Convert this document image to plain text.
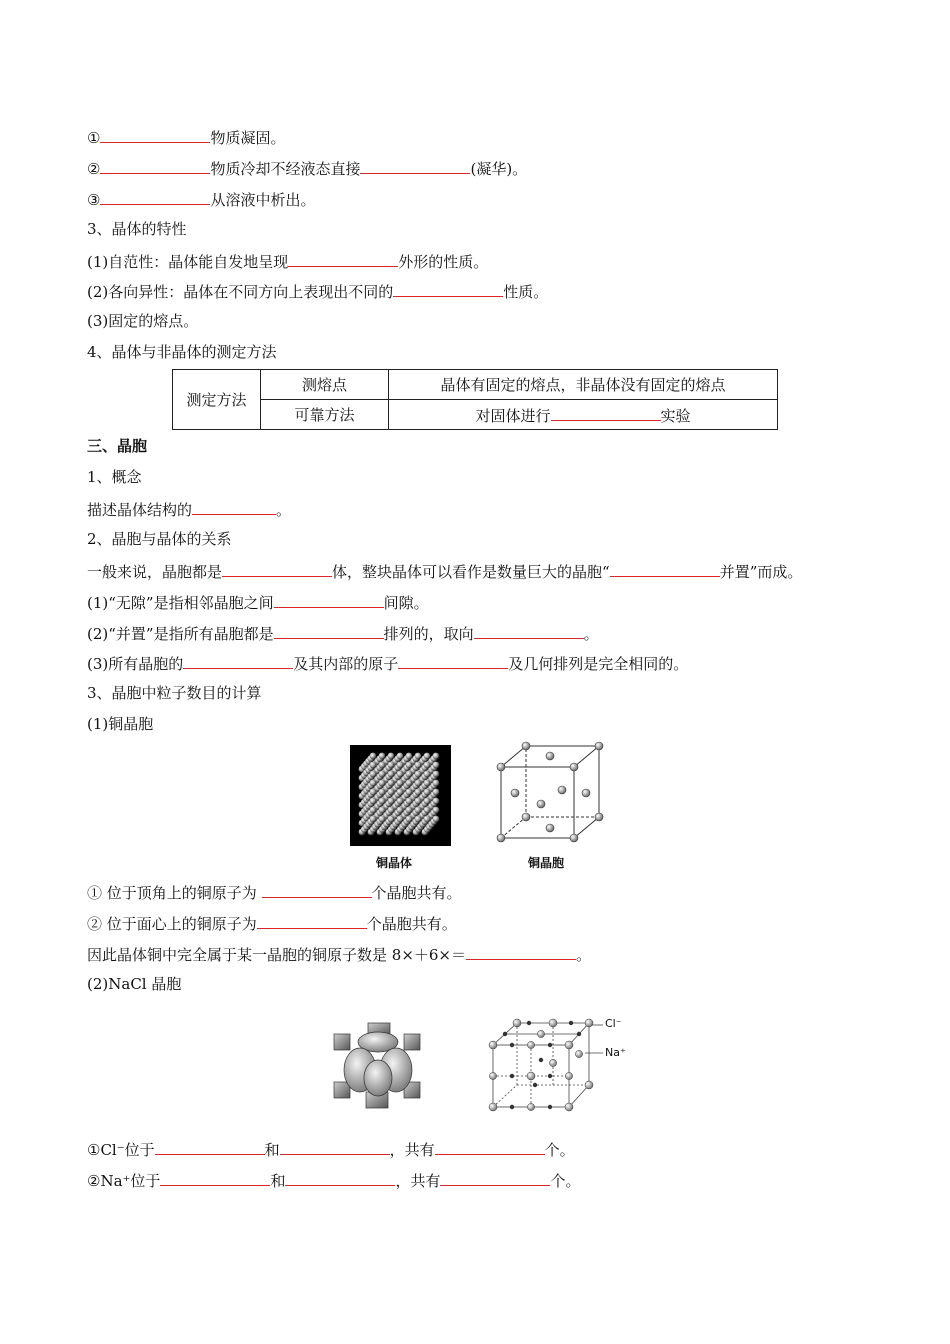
①	物质凝固。
②	物质冷却不经液态直接	(凝华)。
③	从溶液中析出。
3、晶体的特性
(1)自范性：晶体能自发地呈现	外形的性质。
(2)各向异性：晶体在不同方向上表现出不同的	性质。
(3)固定的熔点。
4、晶体与非晶体的测定方法
测定方法	测熔点	晶体有固定的熔点，非晶体没有固定的熔点
	可靠方法	对固体进行 实验
三、晶胞
1、概念
描述晶体结构的	。
2、晶胞与晶体的关系
一般来说，晶胞都是	体，整块晶体可以看作是数量巨大的晶胞“	并置”而成。
(1)“无隙”是指相邻晶胞之间	间隙。
(2)“并置”是指所有晶胞都是	排列的，取向	。
(3)所有晶胞的	及其内部的原子	及几何排列是完全相同的。
3、晶胞中粒子数目的计算
(1)铜晶胞
铜晶体	铜晶胞
① 位于顶角上的铜原子为	个晶胞共有。
② 位于面心上的铜原子为	个晶胞共有。
因此晶体铜中完全属于某一晶胞的铜原子数是 8×＋6×＝	。
(2)NaCl 晶胞
Cl⁻
Na⁺
①Cl⁻位于	和	，共有	个。
②Na⁺位于	和	，共有	个。
